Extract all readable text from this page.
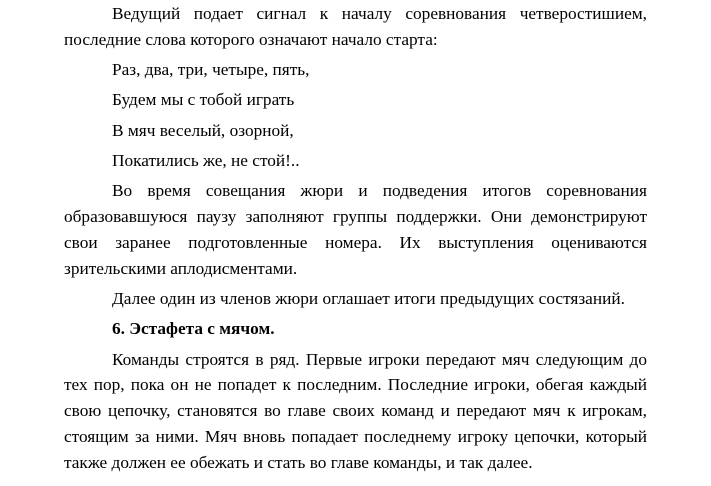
Ведущий подает сигнал к началу соревнования четверостишием, последние слова которого означают начало старта:

Раз, два, три, четыре, пять,

Будем мы с тобой играть

В мяч веселый, озорной,

Покатились же, не стой!..

Во время совещания жюри и подведения итогов соревнования образовавшуюся паузу заполняют группы поддержки. Они демонстрируют свои заранее подготовленные номера. Их выступления оцениваются зрительскими аплодисментами.

Далее один из членов жюри оглашает итоги предыдущих состязаний.

6. Эстафета с мячом.

Команды строятся в ряд. Первые игроки передают мяч следующим до тех пор, пока он не попадет к последним. Последние игроки, обегая каждый свою цепочку, становятся во главе своих команд и передают мяч к игрокам, стоящим за ними. Мяч вновь попадает последнему игроку цепочки, который также должен ее обежать и стать во главе команды, и так далее.
